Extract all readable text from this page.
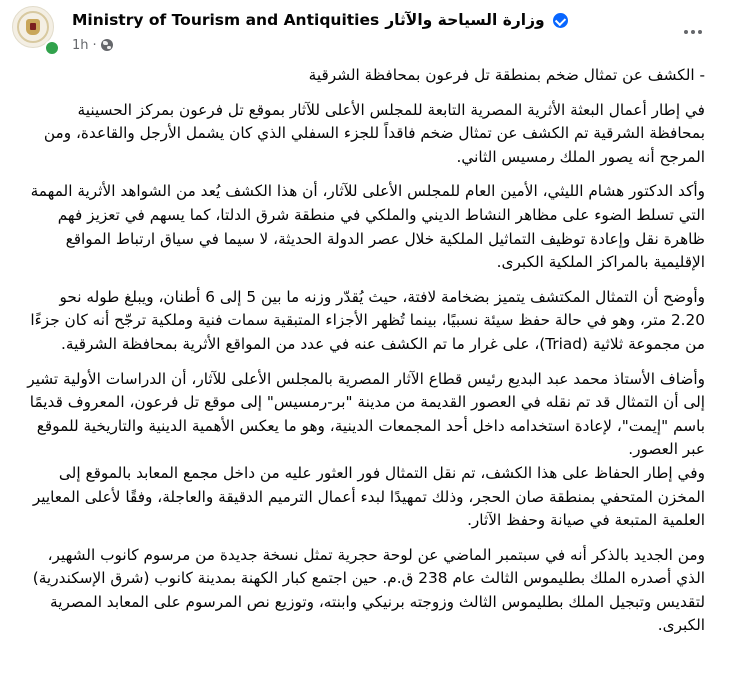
Ministry of Tourism and Antiquities وزارة السياحة والآثار
1h ·

- الكشف عن تمثال ضخم بمنطقة تل فرعون بمحافظة الشرقية

في إطار أعمال البعثة الأثرية المصرية التابعة للمجلس الأعلى للآثار بموقع تل فرعون بمركز الحسينية بمحافظة الشرقية تم الكشف عن تمثال ضخم فاقداً للجزء السفلي الذي كان يشمل الأرجل والقاعدة، ومن المرجح أنه يصور الملك رمسيس الثاني.

وأكد الدكتور هشام الليثي، الأمين العام للمجلس الأعلى للآثار، أن هذا الكشف يُعد من الشواهد الأثرية المهمة التي تسلط الضوء على مظاهر النشاط الديني والملكي في منطقة شرق الدلتا، كما يسهم في تعزيز فهم ظاهرة نقل وإعادة توظيف التماثيل الملكية خلال عصر الدولة الحديثة، لا سيما في سياق ارتباط المواقع الإقليمية بالمراكز الملكية الكبرى.

وأوضح أن التمثال المكتشف يتميز بضخامة لافتة، حيث يُقدّر وزنه ما بين 5 إلى 6 أطنان، ويبلغ طوله نحو 2.20 متر، وهو في حالة حفظ سيئة نسبيًا، بينما تُظهر الأجزاء المتبقية سمات فنية وملكية ترجّح أنه كان جزءًا من مجموعة ثلاثية (Triad)، على غرار ما تم الكشف عنه في عدد من المواقع الأثرية بمحافظة الشرقية.

وأضاف الأستاذ محمد عبد البديع رئيس قطاع الآثار المصرية بالمجلس الأعلى للآثار، أن الدراسات الأولية تشير إلى أن التمثال قد تم نقله في العصور القديمة من مدينة "بر-رمسيس" إلى موقع تل فرعون، المعروف قديمًا باسم "إيمت"، لإعادة استخدامه داخل أحد المجمعات الدينية، وهو ما يعكس الأهمية الدينية والتاريخية للموقع عبر العصور.

وفي إطار الحفاظ على هذا الكشف، تم نقل التمثال فور العثور عليه من داخل مجمع المعابد بالموقع إلى المخزن المتحفي بمنطقة صان الحجر، وذلك تمهيدًا لبدء أعمال الترميم الدقيقة والعاجلة، وفقًا لأعلى المعايير العلمية المتبعة في صيانة وحفظ الآثار.

ومن الجديد بالذكر أنه في سبتمبر الماضي عن لوحة حجرية تمثل نسخة جديدة من مرسوم كانوب الشهير، الذي أصدره الملك بطليموس الثالث عام 238 ق.م. حين اجتمع كبار الكهنة بمدينة كانوب (شرق الإسكندرية) لتقديس وتبجيل الملك بطليموس الثالث وزوجته برنيكي وابنته، وتوزيع نص المرسوم على المعابد المصرية الكبرى.
